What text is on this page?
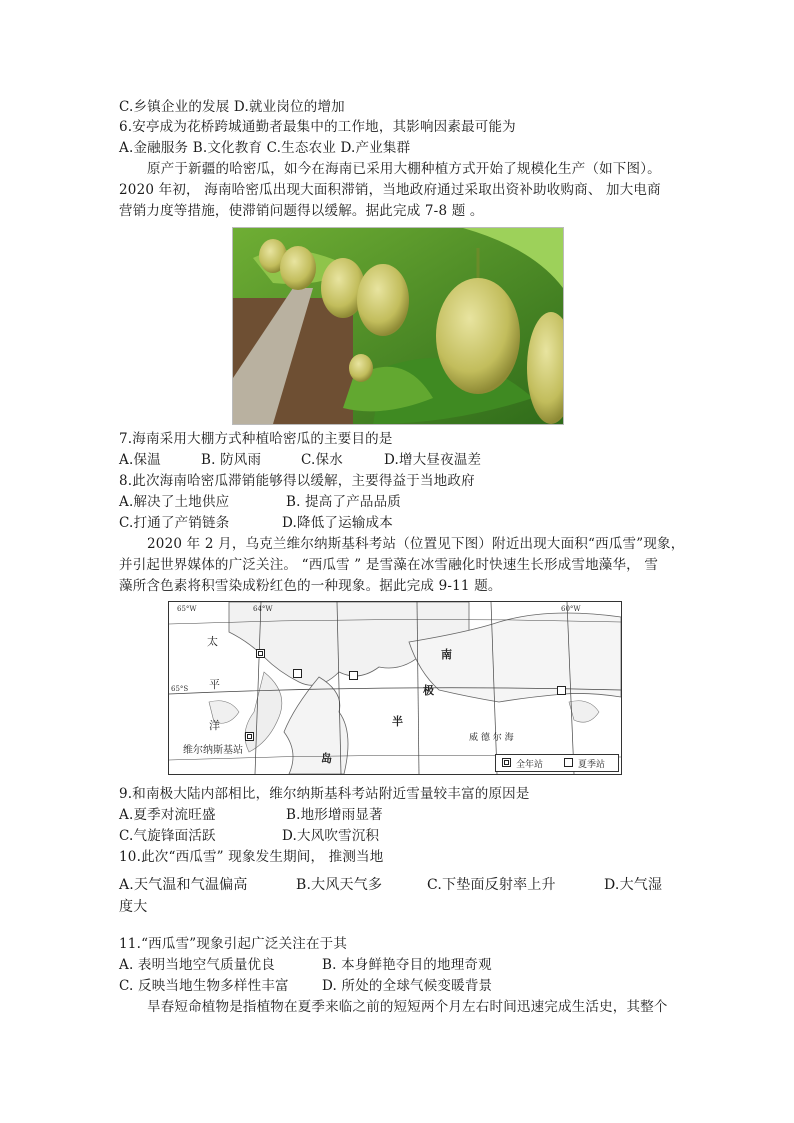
C.乡镇企业的发展 D.就业岗位的增加
6.安亭成为花桥跨城通勤者最集中的工作地，其影响因素最可能为
A.金融服务 B.文化教育 C.生态农业 D.产业集群
原产于新疆的哈密瓜，如今在海南已采用大棚种植方式开始了规模化生产（如下图）。
2020 年初， 海南哈密瓜出现大面积滞销，当地政府通过采取出资补助收购商、 加大电商
营销力度等措施，使滞销问题得以缓解。据此完成 7-8 题 。
7.海南采用大棚方式种植哈密瓜的主要目的是
A.保温	B. 防风雨	C.保水	D.增大昼夜温差
8.此次海南哈密瓜滞销能够得以缓解，主要得益于当地政府
A.解决了土地供应	B. 提高了产品品质
C.打通了产销链条	D.降低了运输成本
2020 年 2 月，乌克兰维尔纳斯基科考站（位置见下图）附近出现大面积“西瓜雪”现象，
并引起世界媒体的广泛关注。 “西瓜雪 ” 是雪藻在冰雪融化时快速生长形成雪地藻华， 雪
藻所含色素将积雪染成粉红色的一种现象。据此完成 9-11 题。
65°W	64°W	60°W
65°S
太
平
洋
南
极
半
岛
威 德 尔 海
维尔纳斯基站
全年站	夏季站
9.和南极大陆内部相比，维尔纳斯基科考站附近雪量较丰富的原因是
A.夏季对流旺盛	B.地形增雨显著
C.气旋锋面活跃	D.大风吹雪沉积
10.此次“西瓜雪” 现象发生期间， 推测当地
A.天气温和气温偏高	B.大风天气多	C.下垫面反射率上升	D.大气湿
度大
11.“西瓜雪”现象引起广泛关注在于其
A. 表明当地空气质量优良	B. 本身鲜艳夺目的地理奇观
C. 反映当地生物多样性丰富 D. 所处的全球气候变暖背景
旱春短命植物是指植物在夏季来临之前的短短两个月左右时间迅速完成生活史，其整个
